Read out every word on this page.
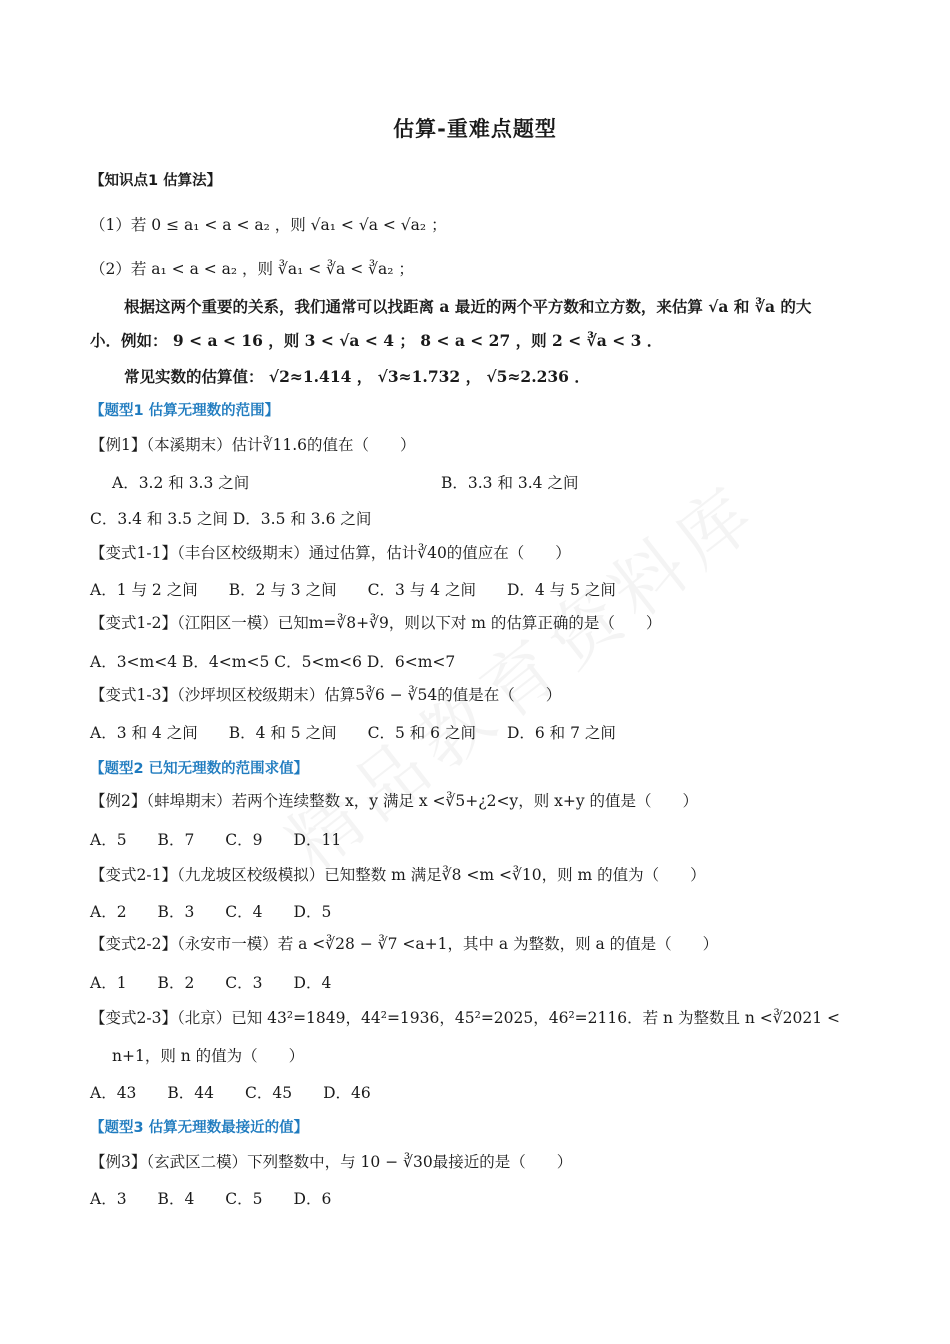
估算-重难点题型
【知识点1 估算法】
（1）若 0 ≤ a₁ < a < a₂ ，则 √a₁ < √a < √a₂ ；
（2）若 a₁ < a < a₂ ，则 ∛a₁ < ∛a < ∛a₂ ；
根据这两个重要的关系，我们通常可以找距离 a 最近的两个平方数和立方数，来估算 √a 和 ∛a 的大
小．例如： 9 < a < 16 ，则 3 < √a < 4 ； 8 < a < 27 ，则 2 < ∛a < 3 ．
常见实数的估算值： √2≈1.414 ， √3≈1.732 ， √5≈2.236 ．
【题型1 估算无理数的范围】
【例1】（本溪期末）估计∛11.6的值在（　　）
A．3.2 和 3.3 之间	B．3.3 和 3.4 之间
C．3.4 和 3.5 之间 D．3.5 和 3.6 之间
【变式1-1】（丰台区校级期末）通过估算，估计∛40的值应在（　　）
A．1 与 2 之间　　B．2 与 3 之间　　C．3 与 4 之间　　D．4 与 5 之间
【变式1-2】（江阳区一模）已知m=∛8+∛9，则以下对 m 的估算正确的是（　　）
A．3<m<4 B．4<m<5 C．5<m<6 D．6<m<7
【变式1-3】（沙坪坝区校级期末）估算5∛6 − ∛54的值是在（　　）
A．3 和 4 之间　　B．4 和 5 之间　　C．5 和 6 之间　　D．6 和 7 之间
【题型2 已知无理数的范围求值】
【例2】（蚌埠期末）若两个连续整数 x，y 满足 x <∛5+¿2<y，则 x+y 的值是（　　）
A．5　　B．7　　C．9　　D．11
【变式2-1】（九龙坡区校级模拟）已知整数 m 满足∛8 <m <∛10，则 m 的值为（　　）
A．2　　B．3　　C．4　　D．5
【变式2-2】（永安市一模）若 a <∛28 − ∛7 <a+1，其中 a 为整数，则 a 的值是（　　）
A．1　　B．2　　C．3　　D．4
【变式2-3】（北京）已知 43²=1849，44²=1936，45²=2025，46²=2116．若 n 为整数且 n <∛2021 <
n+1，则 n 的值为（　　）
A．43　　B．44　　C．45　　D．46
【题型3 估算无理数最接近的值】
【例3】（玄武区二模）下列整数中，与 10 − ∛30最接近的是（　　）
A．3　　B．4　　C．5　　D．6
